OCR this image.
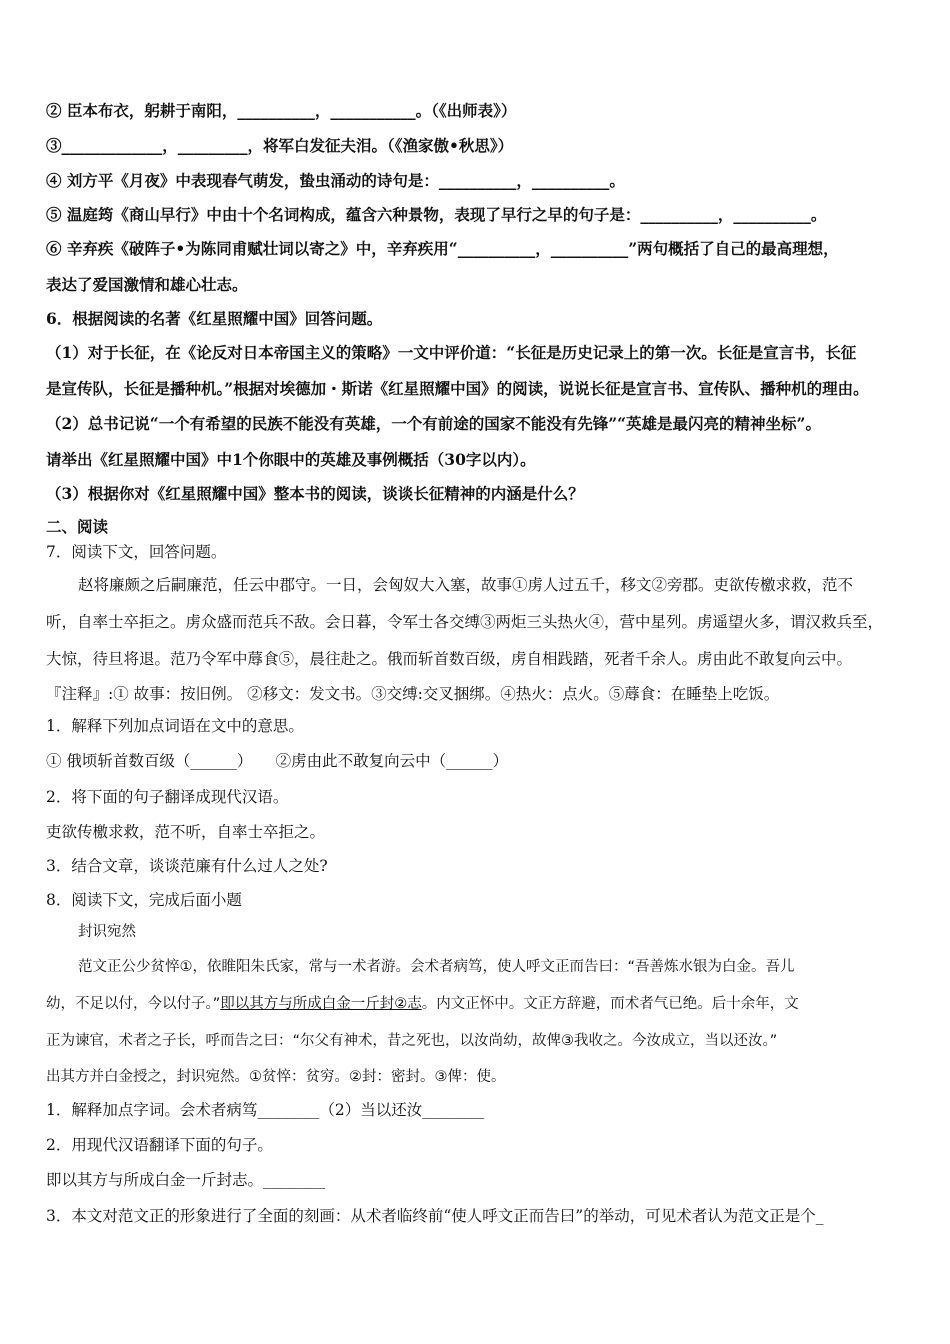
② 臣本布衣，躬耕于南阳，__________，___________。（《出师表》）
③_____________，_________，将军白发征夫泪。（《渔家傲•秋思》）
④ 刘方平《月夜》中表现春气萌发，蛰虫涌动的诗句是：__________，__________。
⑤ 温庭筠《商山早行》中由十个名词构成，蕴含六种景物，表现了早行之早的句子是：__________，__________。
⑥ 辛弃疾《破阵子•为陈同甫赋壮词以寄之》中，辛弃疾用“__________，__________”两句概括了自己的最高理想，
表达了爱国激情和雄心壮志。
6．根据阅读的名著《红星照耀中国》回答问题。
（1）对于长征，在《论反对日本帝国主义的策略》一文中评价道：“长征是历史记录上的第一次。长征是宣言书，长征
是宣传队，长征是播种机。”根据对埃德加・斯诺《红星照耀中国》的阅读，说说长征是宣言书、宣传队、播种机的理由。
（2）总书记说“一个有希望的民族不能没有英雄，一个有前途的国家不能没有先锋”“英雄是最闪亮的精神坐标”。
请举出《红星照耀中国》中1个你眼中的英雄及事例概括（30字以内）。
（3）根据你对《红星照耀中国》整本书的阅读，谈谈长征精神的内涵是什么？
二、阅读
7．阅读下文，回答问题。
赵将廉颇之后嗣廉范，任云中郡守。一日，会匈奴大入塞，故事①虏人过五千，移文②旁郡。吏欲传檄求救，范不
听，自率士卒拒之。虏众盛而范兵不敌。会日暮，令军士各交缚③两炬三头热火④，营中星列。虏遥望火多，谓汉救兵至，
大惊，待旦将退。范乃令军中蓐食⑤，晨往赴之。俄而斩首数百级，虏自相践踏，死者千余人。虏由此不敢复向云中。
『注释』:① 故事：按旧例。 ②移文：发文书。③交缚:交叉捆绑。④热火：点火。⑤蓐食：在睡垫上吃饭。
1．解释下列加点词语在文中的意思。
① 俄顷斩首数百级（______）　　②虏由此不敢复向云中（______）
2．将下面的句子翻译成现代汉语。
吏欲传檄求救，范不听，自率士卒拒之。
3．结合文章，谈谈范廉有什么过人之处?
8．阅读下文，完成后面小题
封识宛然
范文正公少贫悴①，依睢阳朱氏家，常与一术者游。会术者病笃，使人呼文正而告曰：“吾善炼水银为白金。吾儿
幼，不足以付，今以付子。”即以其方与所成白金一斤封②志。内文正怀中。文正方辞避，而术者气已绝。后十余年，文
正为谏官，术者之子长，呼而告之曰：“尔父有神术，昔之死也，以汝尚幼，故俾③我收之。今汝成立，当以还汝。”
出其方并白金授之，封识宛然。①贫悴：贫穷。②封：密封。③俾：使。
1．解释加点字词。会术者病笃________（2）当以还汝________
2．用现代汉语翻译下面的句子。
即以其方与所成白金一斤封志。________
3．本文对范文正的形象进行了全面的刻画：从术者临终前“使人呼文正而告曰”的举动，可见术者认为范文正是个_
